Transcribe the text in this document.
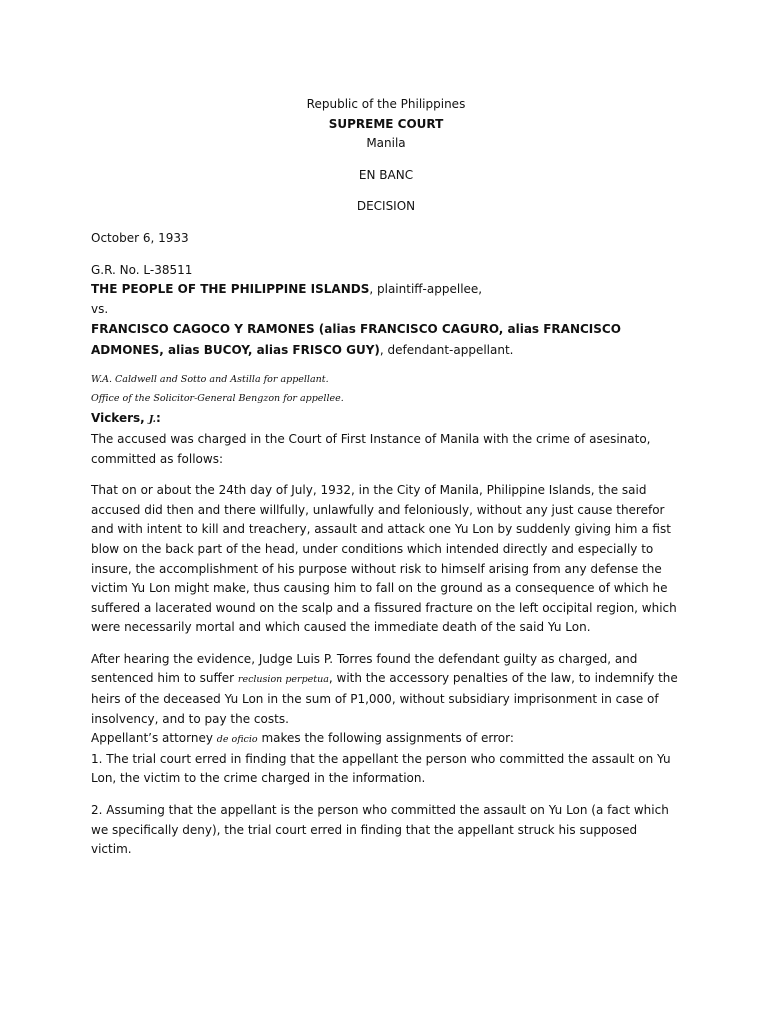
Republic of the Philippines

SUPREME COURT

Manila

EN BANC

DECISION

October 6, 1933

G.R. No. L-38511

THE PEOPLE OF THE PHILIPPINE ISLANDS, plaintiff-appellee,

vs.

FRANCISCO CAGOCO Y RAMONES (alias FRANCISCO CAGURO, alias FRANCISCO ADMONES, alias BUCOY, alias FRISCO GUY), defendant-appellant.

W.A. Caldwell and Sotto and Astilla for appellant.

Office of the Solicitor-General Bengzon for appellee.

Vickers, J.:

The accused was charged in the Court of First Instance of Manila with the crime of asesinato, committed as follows:

That on or about the 24th day of July, 1932, in the City of Manila, Philippine Islands, the said accused did then and there willfully, unlawfully and feloniously, without any just cause therefor and with intent to kill and treachery, assault and attack one Yu Lon by suddenly giving him a fist blow on the back part of the head, under conditions which intended directly and especially to insure, the accomplishment of his purpose without risk to himself arising from any defense the victim Yu Lon might make, thus causing him to fall on the ground as a consequence of which he suffered a lacerated wound on the scalp and a fissured fracture on the left occipital region, which were necessarily mortal and which caused the immediate death of the said Yu Lon.

After hearing the evidence, Judge Luis P. Torres found the defendant guilty as charged, and sentenced him to suffer reclusion perpetua, with the accessory penalties of the law, to indemnify the heirs of the deceased Yu Lon in the sum of P1,000, without subsidiary imprisonment in case of insolvency, and to pay the costs.

Appellant’s attorney de oficio makes the following assignments of error:

1. The trial court erred in finding that the appellant the person who committed the assault on Yu Lon, the victim to the crime charged in the information.

2. Assuming that the appellant is the person who committed the assault on Yu Lon (a fact which we specifically deny), the trial court erred in finding that the appellant struck his supposed victim.
